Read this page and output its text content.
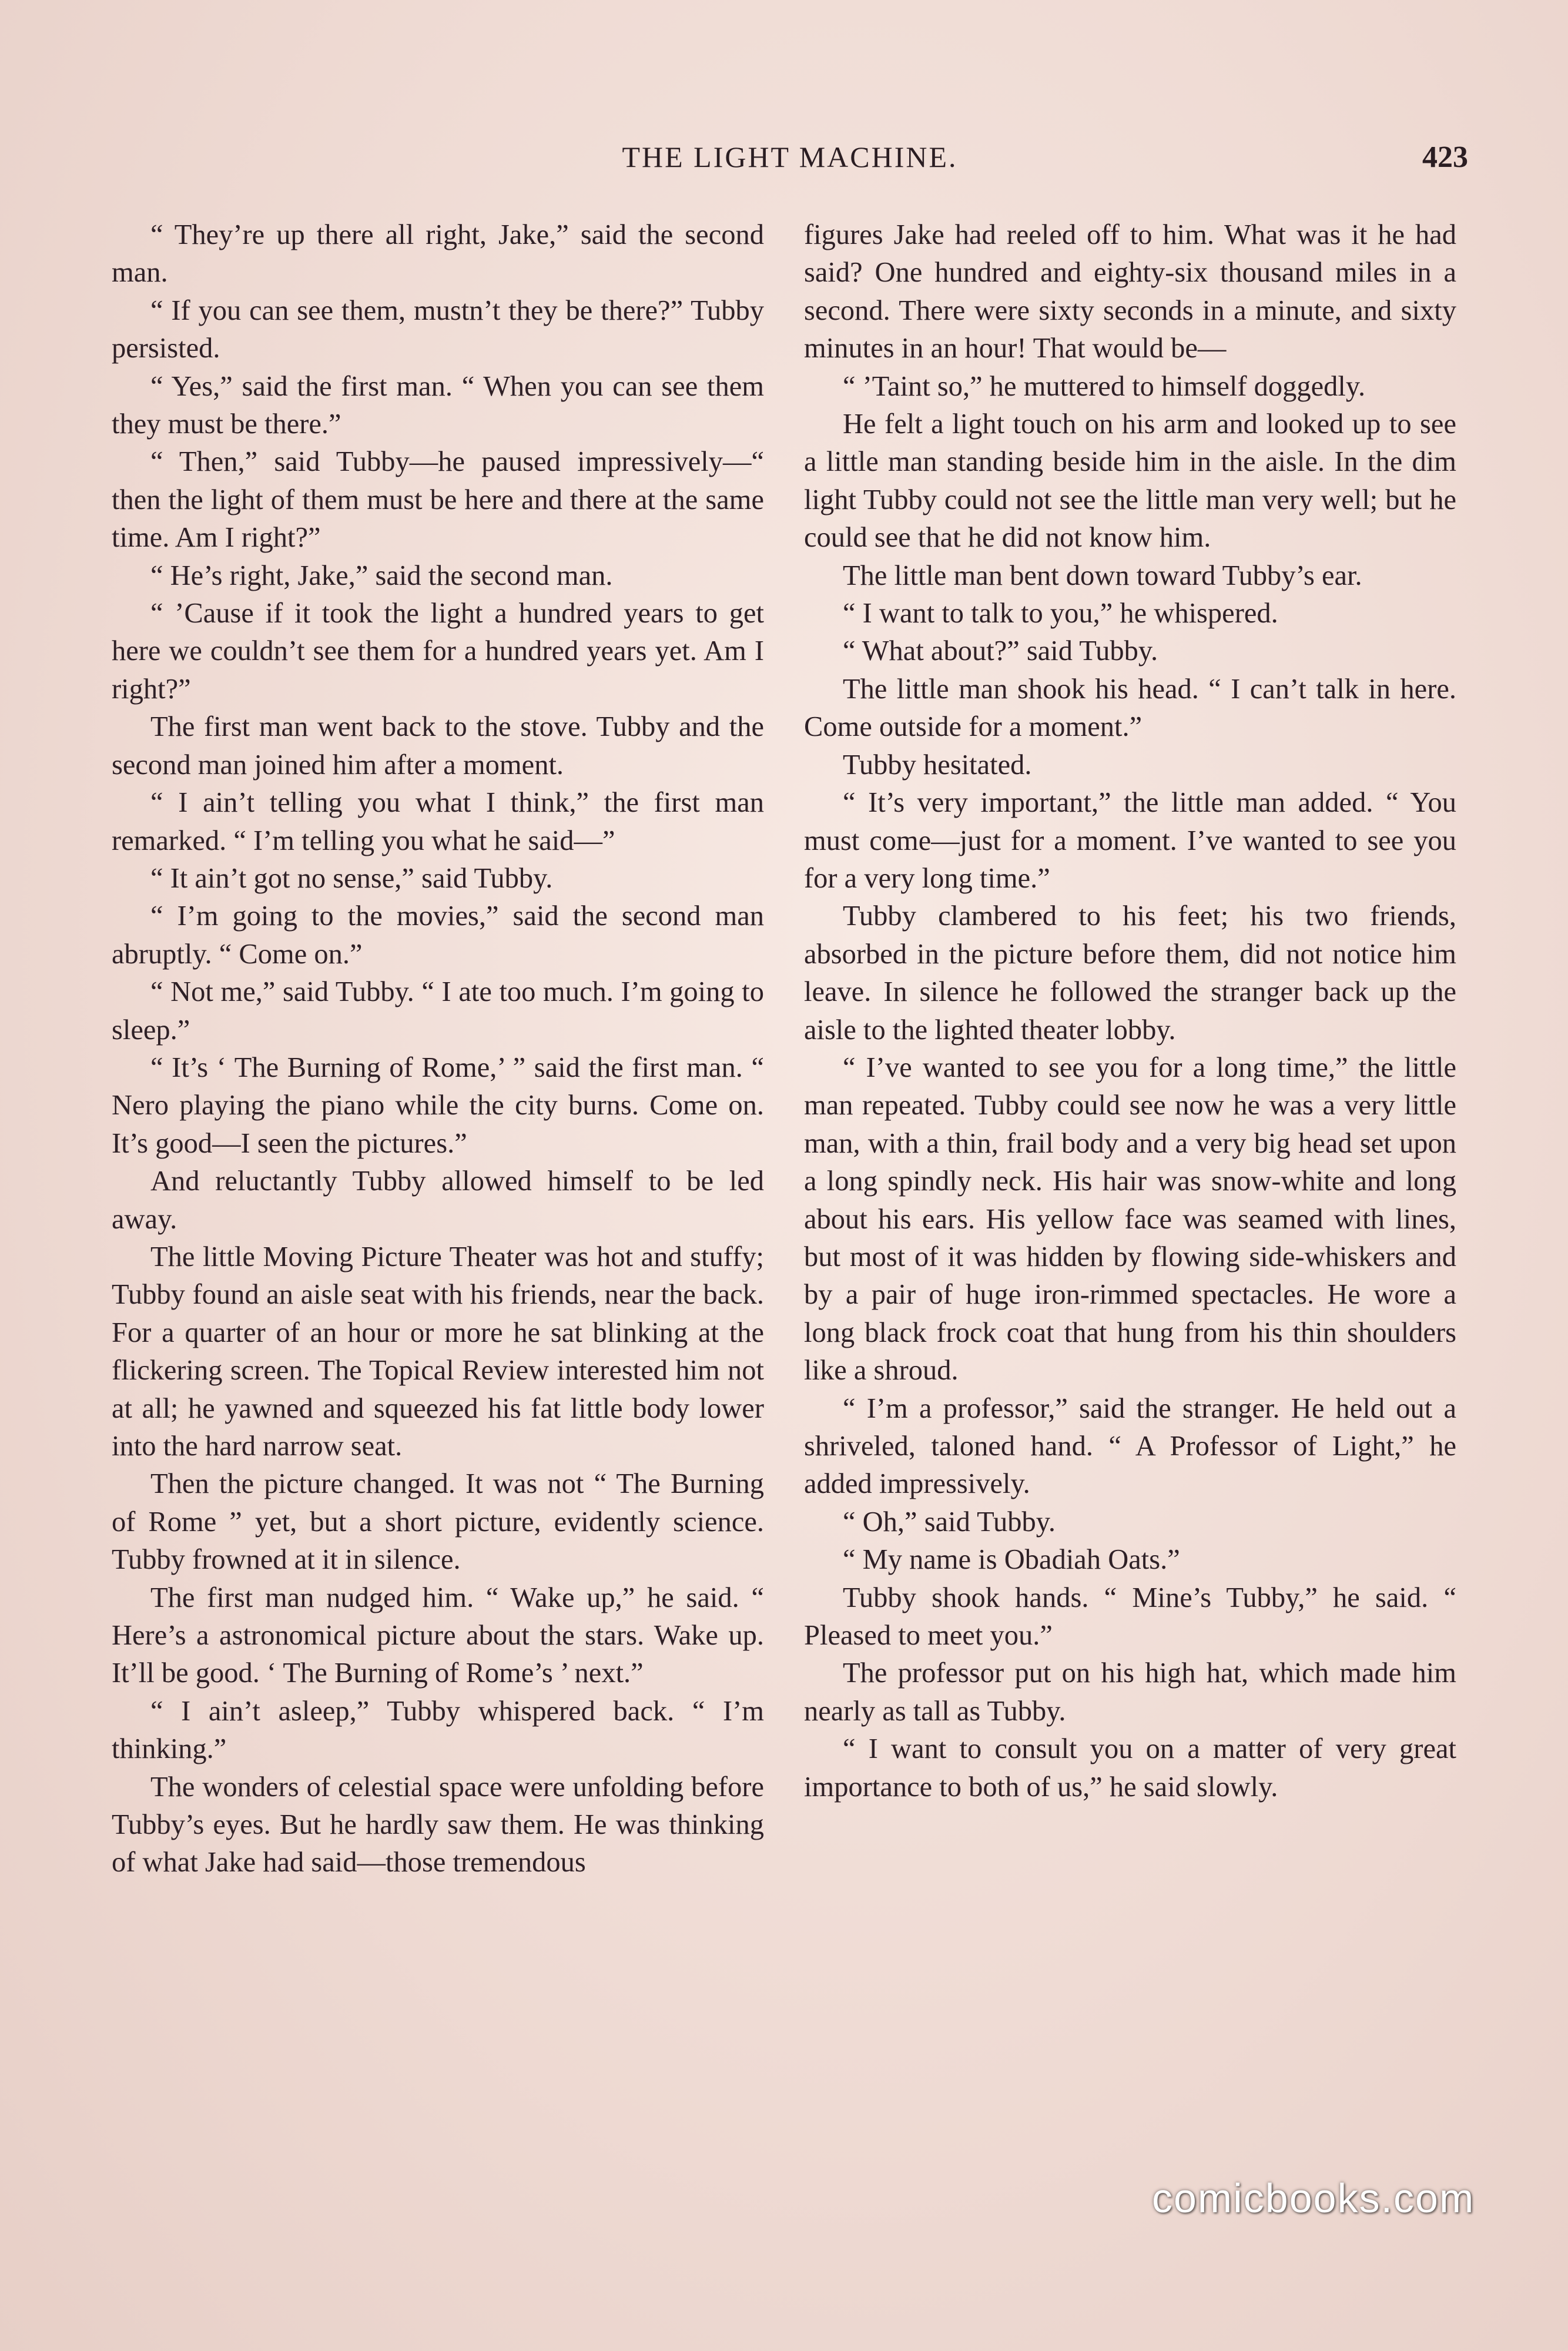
THE LIGHT MACHINE.	423

“ They’re up there all right, Jake,” said the second man.

“ If you can see them, mustn’t they be there?” Tubby persisted.

“ Yes,” said the first man. “ When you can see them they must be there.”

“ Then,” said Tubby—he paused impressively—“ then the light of them must be here and there at the same time. Am I right?”

“ He’s right, Jake,” said the second man.

“ ’Cause if it took the light a hundred years to get here we couldn’t see them for a hundred years yet. Am I right?”

The first man went back to the stove. Tubby and the second man joined him after a moment.

“ I ain’t telling you what I think,” the first man remarked. “ I’m telling you what he said—”

“ It ain’t got no sense,” said Tubby.

“ I’m going to the movies,” said the second man abruptly. “ Come on.”

“ Not me,” said Tubby. “ I ate too much. I’m going to sleep.”

“ It’s ‘ The Burning of Rome,’ ” said the first man. “ Nero playing the piano while the city burns. Come on. It’s good—I seen the pictures.”

And reluctantly Tubby allowed himself to be led away.

The little Moving Picture Theater was hot and stuffy; Tubby found an aisle seat with his friends, near the back. For a quarter of an hour or more he sat blinking at the flickering screen. The Topical Review interested him not at all; he yawned and squeezed his fat little body lower into the hard narrow seat.

Then the picture changed. It was not “ The Burning of Rome ” yet, but a short picture, evidently science. Tubby frowned at it in silence.

The first man nudged him. “ Wake up,” he said. “ Here’s a astronomical picture about the stars. Wake up. It’ll be good. ‘ The Burning of Rome’s ’ next.”

“ I ain’t asleep,” Tubby whispered back. “ I’m thinking.”

The wonders of celestial space were unfolding before Tubby’s eyes. But he hardly saw them. He was thinking of what Jake had said—those tremendous

figures Jake had reeled off to him. What was it he had said? One hundred and eighty-six thousand miles in a second. There were sixty seconds in a minute, and sixty minutes in an hour! That would be—

“ ’Taint so,” he muttered to himself doggedly.

He felt a light touch on his arm and looked up to see a little man standing beside him in the aisle. In the dim light Tubby could not see the little man very well; but he could see that he did not know him.

The little man bent down toward Tubby’s ear.

“ I want to talk to you,” he whispered.

“ What about?” said Tubby.

The little man shook his head. “ I can’t talk in here. Come outside for a moment.”

Tubby hesitated.

“ It’s very important,” the little man added. “ You must come—just for a moment. I’ve wanted to see you for a very long time.”

Tubby clambered to his feet; his two friends, absorbed in the picture before them, did not notice him leave. In silence he followed the stranger back up the aisle to the lighted theater lobby.

“ I’ve wanted to see you for a long time,” the little man repeated. Tubby could see now he was a very little man, with a thin, frail body and a very big head set upon a long spindly neck. His hair was snow-white and long about his ears. His yellow face was seamed with lines, but most of it was hidden by flowing side-whiskers and by a pair of huge iron-rimmed spectacles. He wore a long black frock coat that hung from his thin shoulders like a shroud.

“ I’m a professor,” said the stranger. He held out a shriveled, taloned hand. “ A Professor of Light,” he added impressively.

“ Oh,” said Tubby.

“ My name is Obadiah Oats.”

Tubby shook hands. “ Mine’s Tubby,” he said. “ Pleased to meet you.”

The professor put on his high hat, which made him nearly as tall as Tubby.

“ I want to consult you on a matter of very great importance to both of us,” he said slowly.

comicbooks.com
